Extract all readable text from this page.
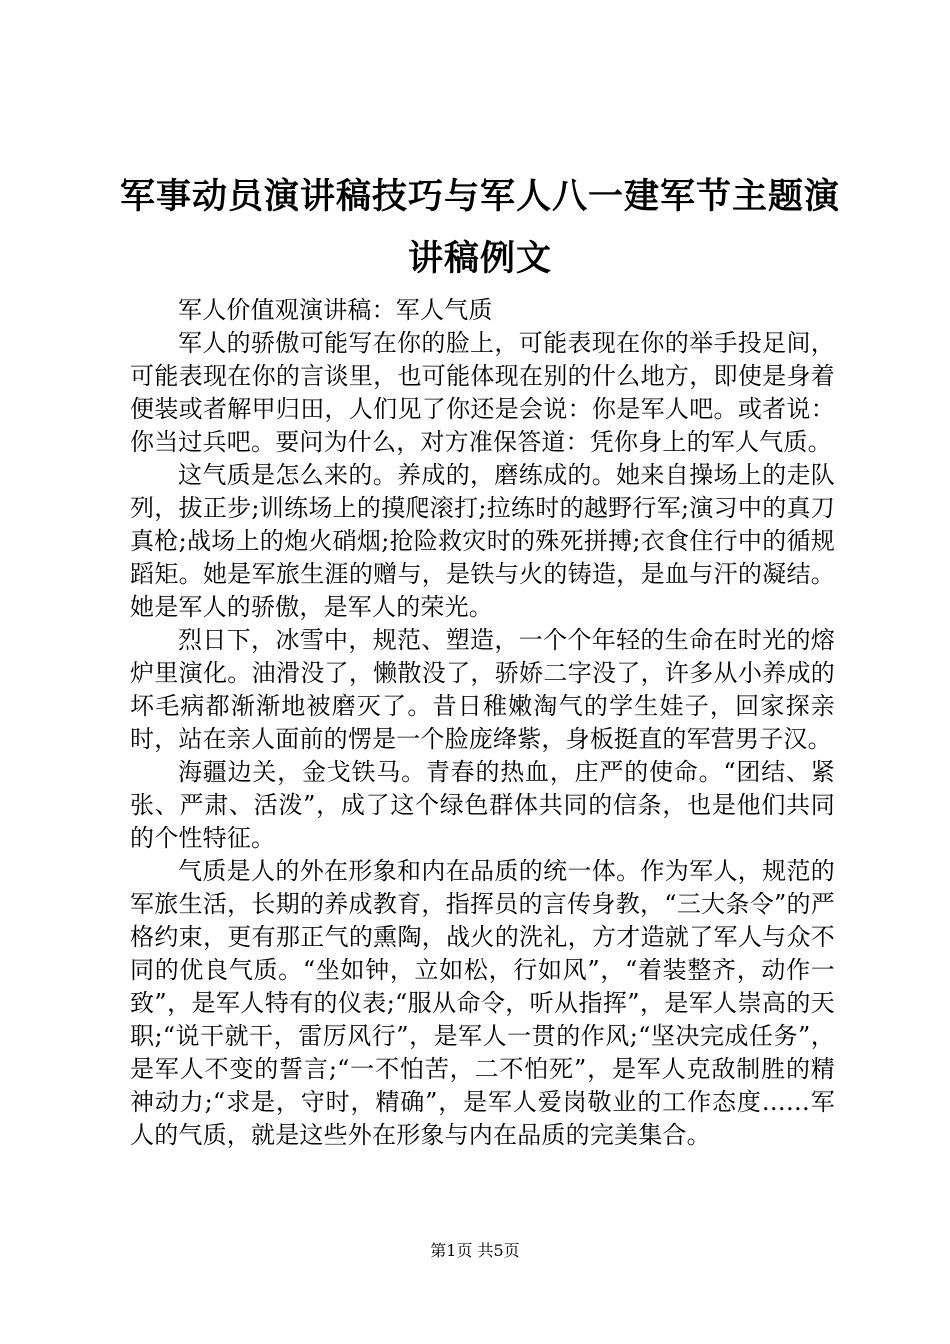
军事动员演讲稿技巧与军人八一建军节主题演讲稿例文

军人价值观演讲稿：军人气质

军人的骄傲可能写在你的脸上，可能表现在你的举手投足间，可能表现在你的言谈里，也可能体现在别的什么地方，即使是身着便装或者解甲归田，人们见了你还是会说：你是军人吧。或者说：你当过兵吧。要问为什么，对方准保答道：凭你身上的军人气质。

这气质是怎么来的。养成的，磨练成的。她来自操场上的走队列，拔正步;训练场上的摸爬滚打;拉练时的越野行军;演习中的真刀真枪;战场上的炮火硝烟;抢险救灾时的殊死拼搏;衣食住行中的循规蹈矩。她是军旅生涯的赠与，是铁与火的铸造，是血与汗的凝结。她是军人的骄傲，是军人的荣光。

烈日下，冰雪中，规范、塑造，一个个年轻的生命在时光的熔炉里演化。油滑没了，懒散没了，骄娇二字没了，许多从小养成的坏毛病都渐渐地被磨灭了。昔日稚嫩淘气的学生娃子，回家探亲时，站在亲人面前的愣是一个脸庞绛紫，身板挺直的军营男子汉。

海疆边关，金戈铁马。青春的热血，庄严的使命。“团结、紧张、严肃、活泼”，成了这个绿色群体共同的信条，也是他们共同的个性特征。

气质是人的外在形象和内在品质的统一体。作为军人，规范的军旅生活，长期的养成教育，指挥员的言传身教，“三大条令”的严格约束，更有那正气的熏陶，战火的洗礼，方才造就了军人与众不同的优良气质。“坐如钟，立如松，行如风”，“着装整齐，动作一致”，是军人特有的仪表;“服从命令，听从指挥”，是军人崇高的天职;“说干就干，雷厉风行”，是军人一贯的作风;“坚决完成任务”，是军人不变的誓言;“一不怕苦，二不怕死”，是军人克敌制胜的精神动力;“求是，守时，精确”，是军人爱岗敬业的工作态度……军人的气质，就是这些外在形象与内在品质的完美集合。

第1页 共5页
